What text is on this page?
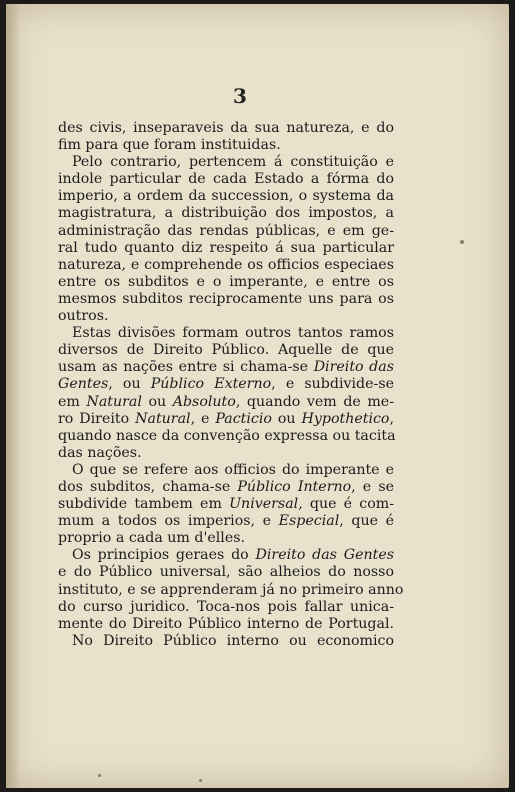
3
des civis, inseparaveis da sua natureza, e do
fim para que foram instituidas.
Pelo contrario, pertencem á constituição e
indole particular de cada Estado a fórma do
imperio, a ordem da succession, o systema da
magistratura, a distribuição dos impostos, a
administração das rendas públicas, e em ge-
ral tudo quanto diz respeito á sua particular
natureza, e comprehende os officios especiaes
entre os subditos e o imperante, e entre os
mesmos subditos reciprocamente uns para os
outros.
Estas divisões formam outros tantos ramos
diversos de Direito Público. Aquelle de que
usam as nações entre si chama-se Direito das
Gentes, ou Público Externo, e subdivide-se
em Natural ou Absoluto, quando vem de me-
ro Direito Natural, e Pacticio ou Hypothetico,
quando nasce da convenção expressa ou tacita
das nações.
O que se refere aos officios do imperante e
dos subditos, chama-se Público Interno, e se
subdivide tambem em Universal, que é com-
mum a todos os imperios, e Especial, que é
proprio a cada um d'elles.
Os principios geraes do Direito das Gentes
e do Público universal, são alheios do nosso
instituto, e se apprenderam já no primeiro anno
do curso juridico. Toca-nos pois fallar unica-
mente do Direito Público interno de Portugal.
No Direito Público interno ou economico
